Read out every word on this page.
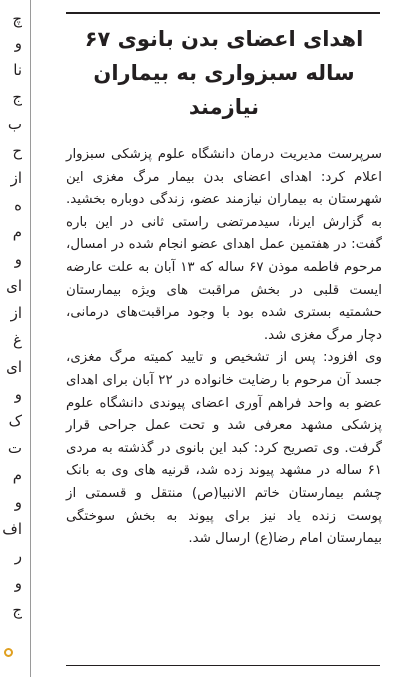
چ
و
نا
ج
ب
ح
از
ه
م
و
ای
از
غ
ای
و
ک
ت
م
و
اف
ر
و
ج
اهدای اعضای بدن بانوی ۶۷ ساله سبزواری به بیماران نیازمند

سرپرست مدیریت درمان دانشگاه علوم پزشکی سبزوار اعلام کرد: اهدای اعضای بدن بیمار مرگ مغزی این شهرستان به بیماران نیازمند عضو، زندگی دوباره بخشید. به گزارش ایرنا، سیدمرتضی راستی ثانی در این باره گفت: در هفتمین عمل اهدای عضو انجام شده در امسال، مرحوم فاطمه موذن ۶۷ ساله که ۱۳ آبان به علت عارضه ایست قلبی در بخش مراقبت های ویژه بیمارستان حشمتیه بستری شده بود با وجود مراقبت‌های درمانی، دچار مرگ مغزی شد.

وی افزود: پس از تشخیص و تایید کمیته مرگ مغزی، جسد آن مرحوم با رضایت خانواده در ۲۲ آبان برای اهدای عضو به واحد فراهم آوری اعضای پیوندی دانشگاه علوم پزشکی مشهد معرفی شد و تحت عمل جراحی قرار گرفت. وی تصریح کرد: کبد این بانوی در گذشته به مردی ۶۱ ساله در مشهد پیوند زده شد، قرنیه های وی به بانک چشم بیمارستان خاتم الانبیا(ص) منتقل و قسمتی از پوست زنده یاد نیز برای پیوند به بخش سوختگی بیمارستان امام رضا(ع) ارسال شد.
